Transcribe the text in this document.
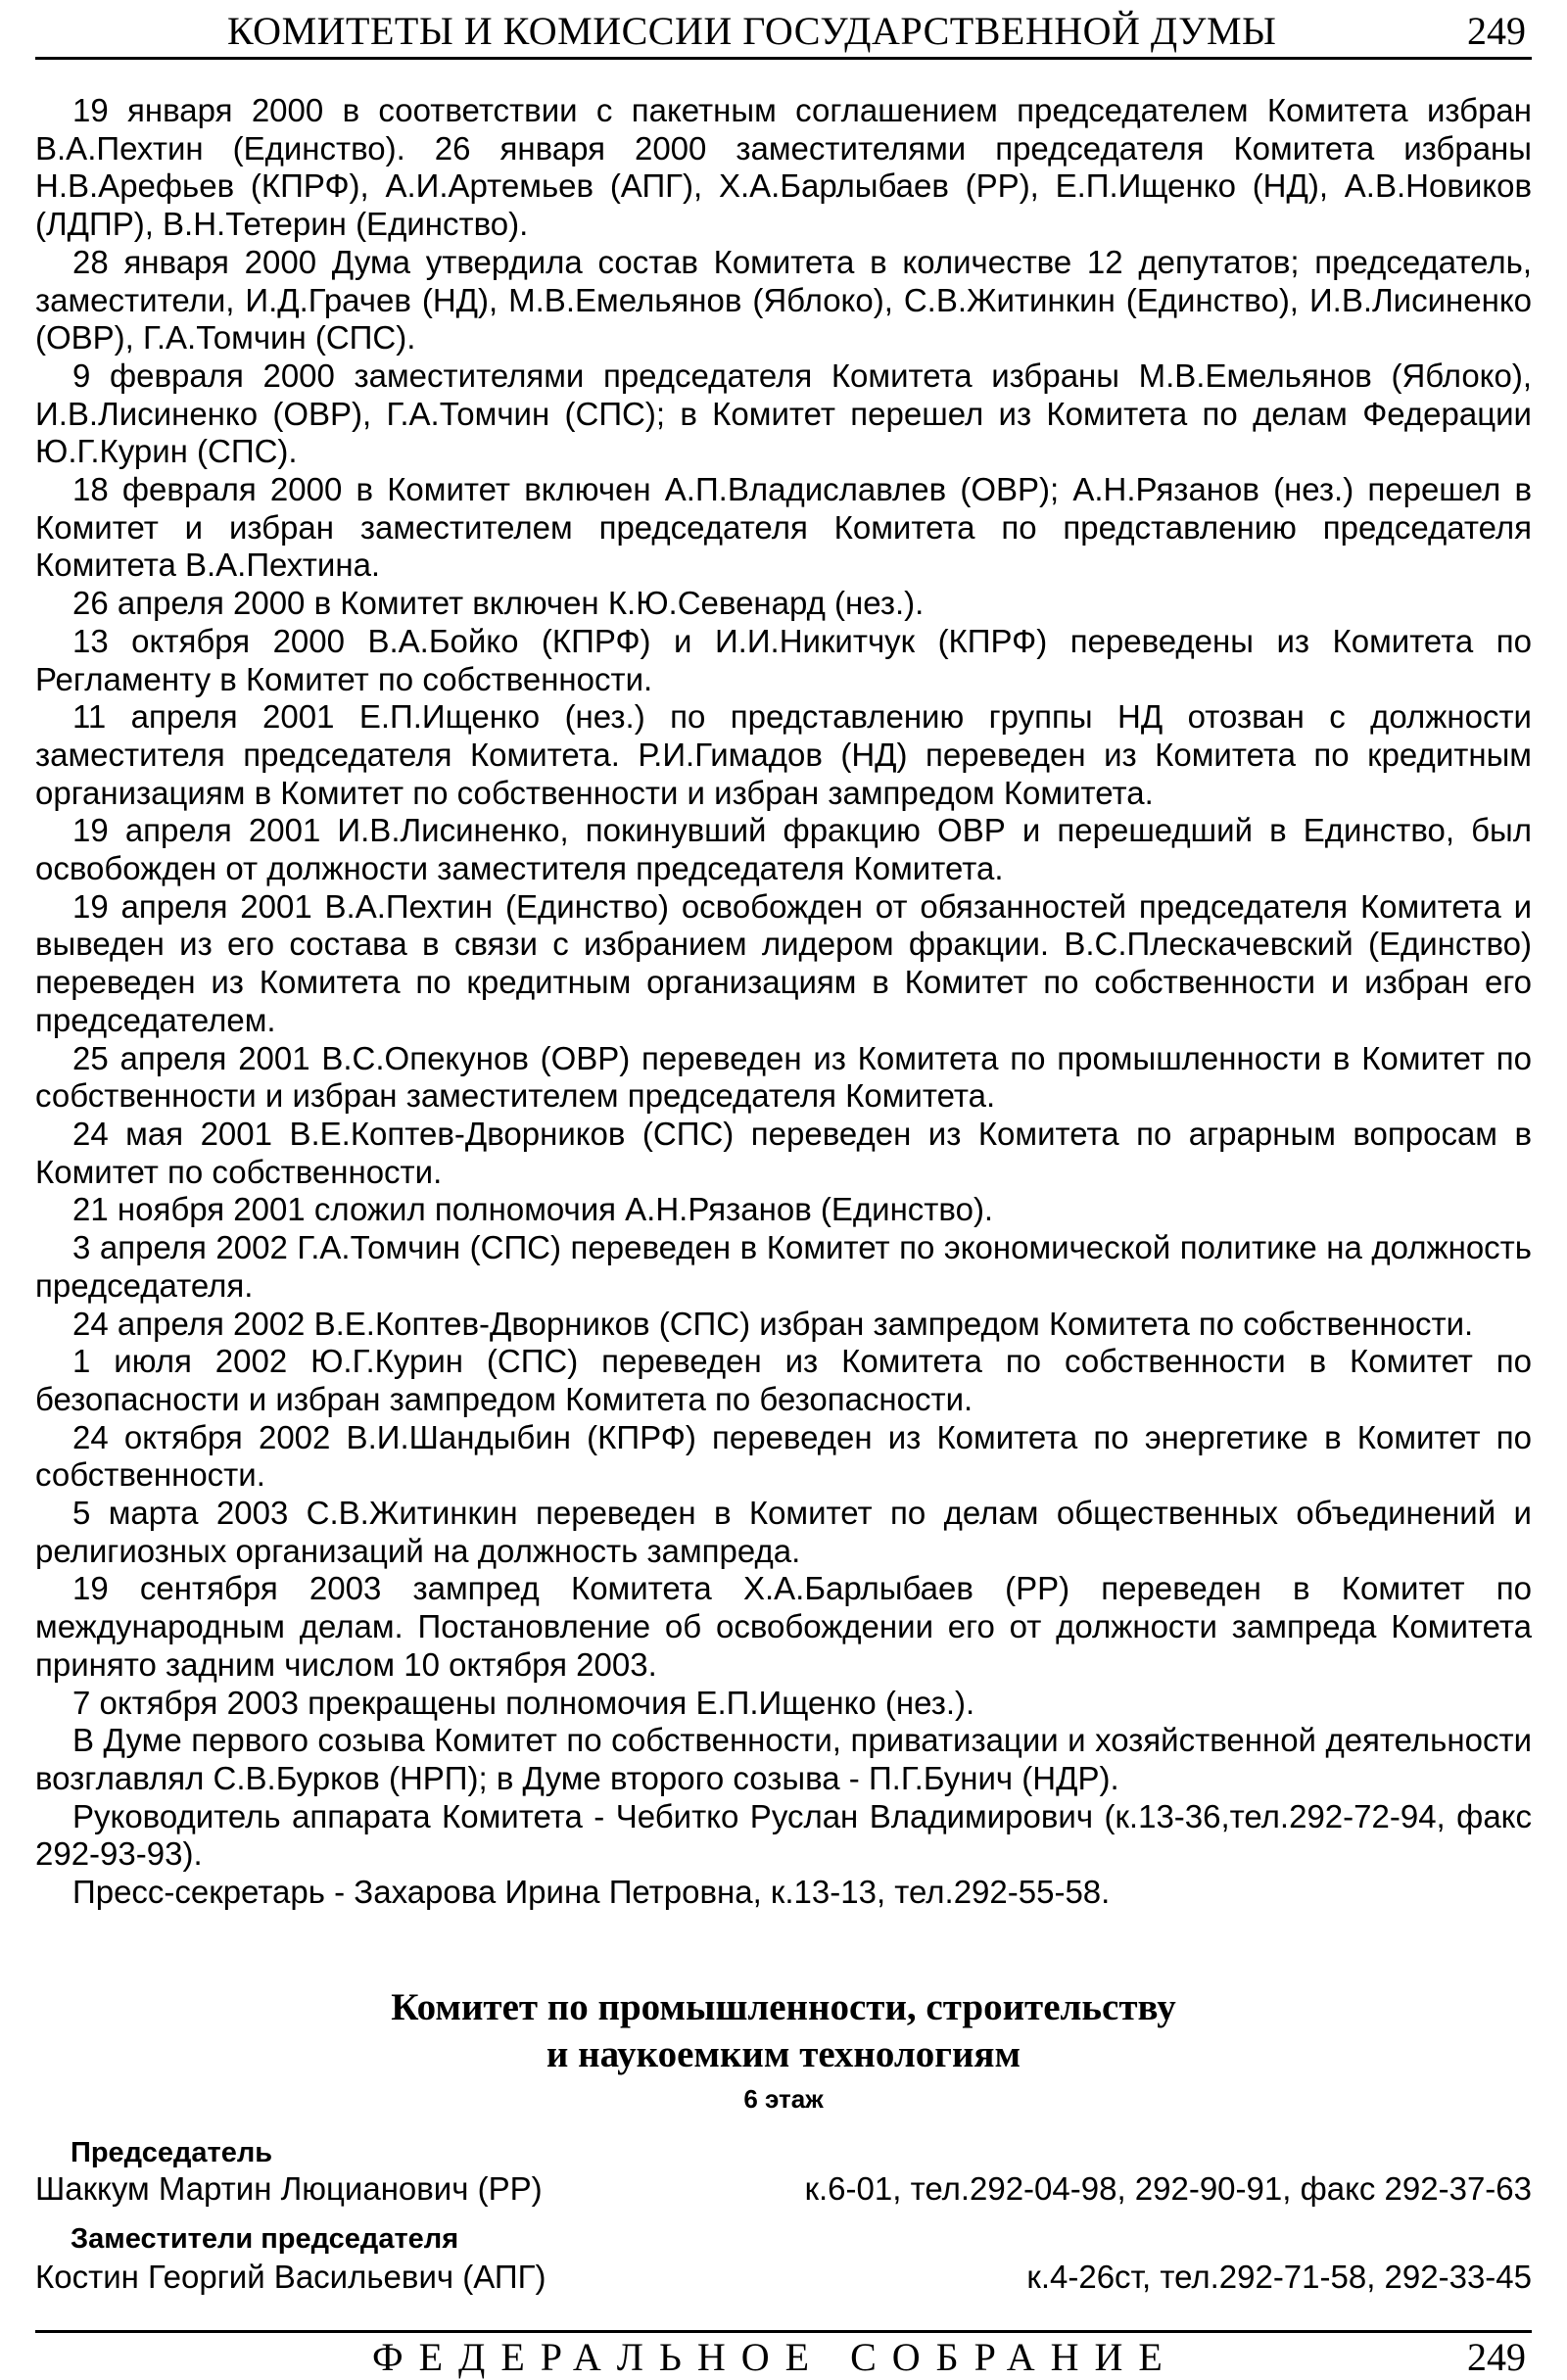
КОМИТЕТЫ И КОМИССИИ ГОСУДАРСТВЕННОЙ ДУМЫ	249

19 января 2000 в соответствии с пакетным соглашением председателем Комитета избран В.А.Пехтин (Единство). 26 января 2000 заместителями председателя Комитета избраны Н.В.Арефьев (КПРФ), А.И.Артемьев (АПГ), Х.А.Барлыбаев (РР), Е.П.Ищенко (НД), А.В.Новиков (ЛДПР), В.Н.Тетерин (Единство).

28 января 2000 Дума утвердила состав Комитета в количестве 12 депутатов; председатель, заместители, И.Д.Грачев (НД), М.В.Емельянов (Яблоко), С.В.Житинкин (Единство), И.В.Лисиненко (ОВР), Г.А.Томчин (СПС).

9 февраля 2000 заместителями председателя Комитета избраны М.В.Емельянов (Яблоко), И.В.Лисиненко (ОВР), Г.А.Томчин (СПС); в Комитет перешел из Комитета по делам Федерации Ю.Г.Курин (СПС).

18 февраля 2000 в Комитет включен А.П.Владиславлев (ОВР); А.Н.Рязанов (нез.) перешел в Комитет и избран заместителем председателя Комитета по представлению председателя Комитета В.А.Пехтина.

26 апреля 2000 в Комитет включен К.Ю.Севенард (нез.).

13 октября 2000 В.А.Бойко (КПРФ) и И.И.Никитчук (КПРФ) переведены из Комитета по Регламенту в Комитет по собственности.

11 апреля 2001 Е.П.Ищенко (нез.) по представлению группы НД отозван с должности заместителя председателя Комитета. Р.И.Гимадов (НД) переведен из Комитета по кредитным организациям в Комитет по собственности и избран зампредом Комитета.

19 апреля 2001 И.В.Лисиненко, покинувший фракцию ОВР и перешедший в Единство, был освобожден от должности заместителя председателя Комитета.

19 апреля 2001 В.А.Пехтин (Единство) освобожден от обязанностей председателя Комитета и выведен из его состава в связи с избранием лидером фракции. В.С.Плескачевский (Единство) переведен из Комитета по кредитным организациям в Комитет по собственности и избран его председателем.

25 апреля 2001 В.С.Опекунов (ОВР) переведен из Комитета по промышленности в Комитет по собственности и избран заместителем председателя Комитета.

24 мая 2001 В.Е.Коптев-Дворников (СПС) переведен из Комитета по аграрным вопросам в Комитет по собственности.

21 ноября 2001 сложил полномочия А.Н.Рязанов (Единство).

3 апреля 2002 Г.А.Томчин (СПС) переведен в Комитет по экономической политике на должность председателя.

24 апреля 2002 В.Е.Коптев-Дворников (СПС) избран зампредом Комитета по собственности.

1 июля 2002 Ю.Г.Курин (СПС) переведен из Комитета по собственности в Комитет по безопасности и избран зампредом Комитета по безопасности.

24 октября 2002 В.И.Шандыбин (КПРФ) переведен из Комитета по энергетике в Комитет по собственности.

5 марта 2003 С.В.Житинкин переведен в Комитет по делам общественных объединений и религиозных организаций на должность зампреда.

19 сентября 2003 зампред Комитета Х.А.Барлыбаев (РР) переведен в Комитет по международным делам. Постановление об освобождении его от должности зампреда Комитета принято задним числом 10 октября 2003.

7 октября 2003 прекращены полномочия Е.П.Ищенко (нез.).

В Думе первого созыва Комитет по собственности, приватизации и хозяйственной деятельности возглавлял С.В.Бурков (НРП); в Думе второго созыва - П.Г.Бунич (НДР).

Руководитель аппарата Комитета - Чебитко Руслан Владимирович (к.13-36,тел.292-72-94, факс 292-93-93).

Пресс-секретарь - Захарова Ирина Петровна, к.13-13, тел.292-55-58.

Комитет по промышленности, строительству
и наукоемким технологиям
6 этаж
Председатель
Шаккум Мартин Люцианович (РР)	к.6-01, тел.292-04-98, 292-90-91, факс 292-37-63
Заместители председателя
Костин Георгий Васильевич (АПГ)	к.4-26ст, тел.292-71-58, 292-33-45
ФЕДЕРАЛЬНОЕ СОБРАНИЕ	249
